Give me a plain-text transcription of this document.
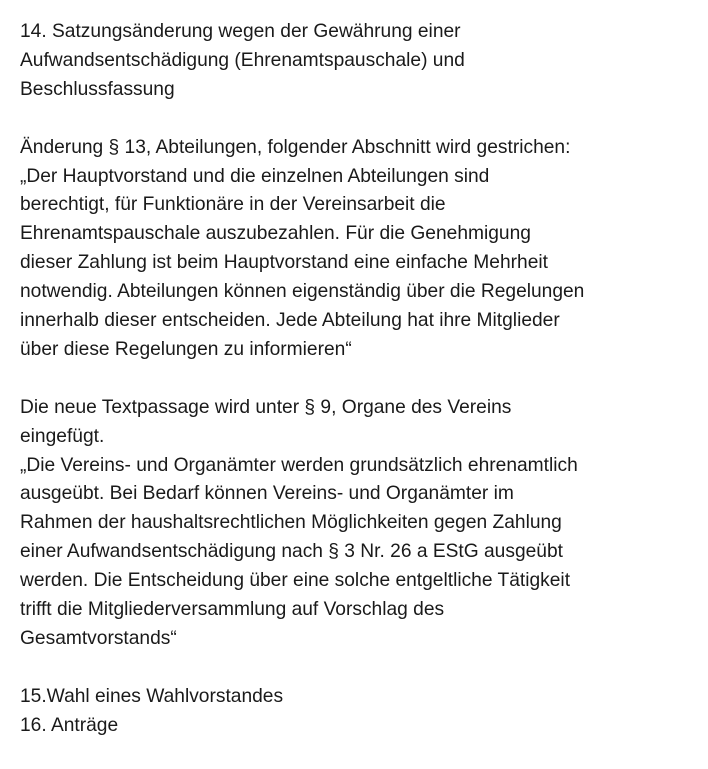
14. Satzungsänderung wegen der Gewährung einer
Aufwandsentschädigung (Ehrenamtspauschale) und
Beschlussfassung
Änderung § 13, Abteilungen, folgender Abschnitt wird gestrichen:
„Der Hauptvorstand und die einzelnen Abteilungen sind
berechtigt, für Funktionäre in der Vereinsarbeit die
Ehrenamtspauschale auszubezahlen. Für die Genehmigung
dieser Zahlung ist beim Hauptvorstand eine einfache Mehrheit
notwendig. Abteilungen können eigenständig über die Regelungen
innerhalb dieser entscheiden. Jede Abteilung hat ihre Mitglieder
über diese Regelungen zu informieren“
Die neue Textpassage wird unter § 9, Organe des Vereins
eingefügt.
„Die Vereins- und Organämter werden grundsätzlich ehrenamtlich
ausgeübt. Bei Bedarf können Vereins- und Organämter im
Rahmen der haushaltsrechtlichen Möglichkeiten gegen Zahlung
einer Aufwandsentschädigung nach § 3 Nr. 26 a EStG ausgeübt
werden. Die Entscheidung über eine solche entgeltliche Tätigkeit
trifft die Mitgliederversammlung auf Vorschlag des
Gesamtvorstands“
15.Wahl eines Wahlvorstandes
16. Anträge
